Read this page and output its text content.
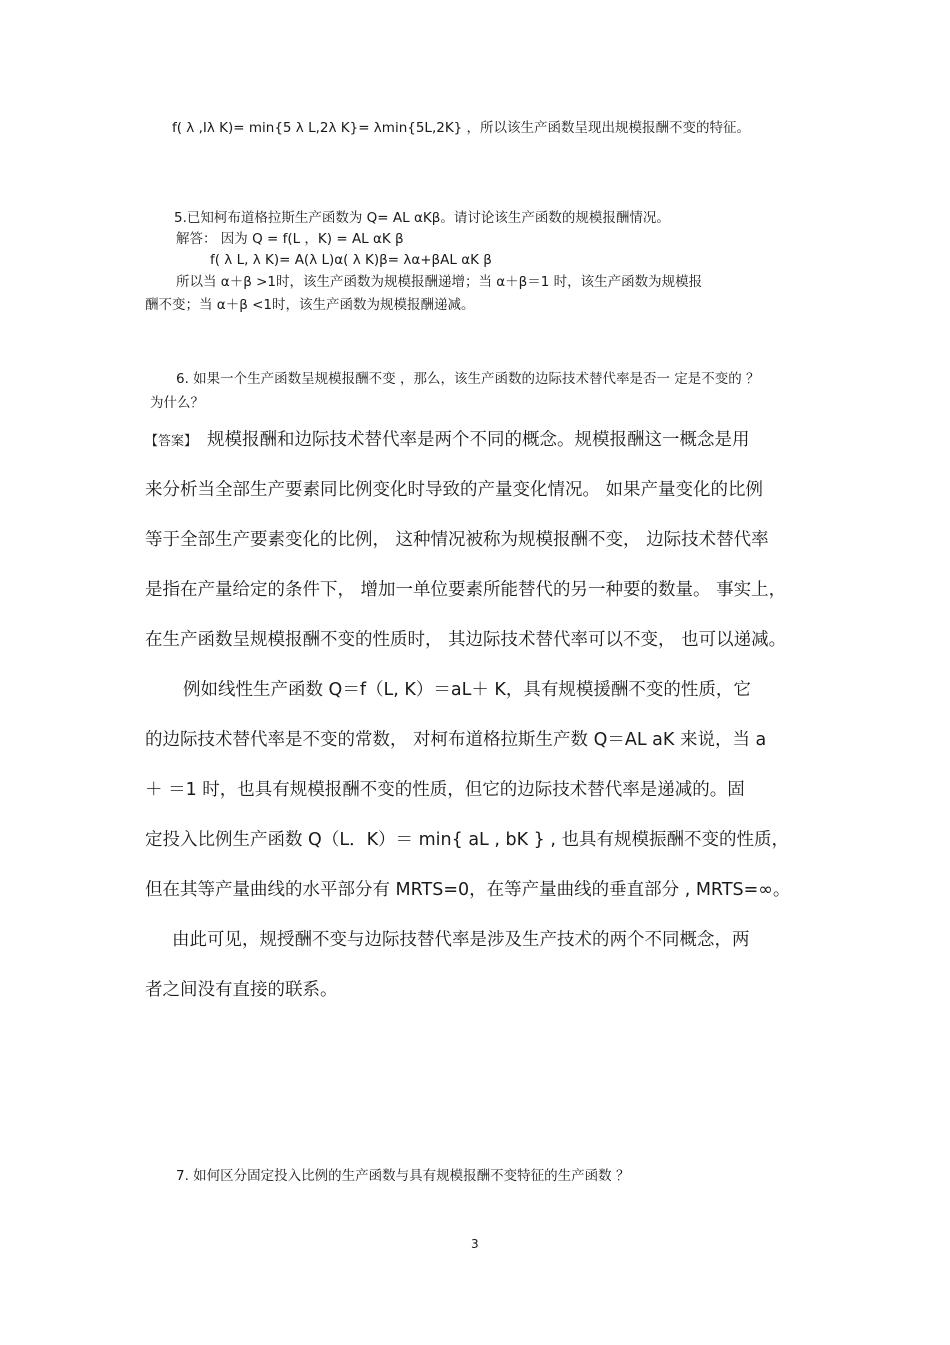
f( λ ,Iλ K)= min{5 λ L,2λ K}= λmin{5L,2K} ，所以该生产函数呈现出规模报酬不变的特征。
5.已知柯布道格拉斯生产函数为 Q= AL αKβ。请讨论该生产函数的规模报酬情况。
解答： 因为 Q = f(L ，K) = AL αK β
f( λ L, λ K)= A(λ L)α( λ K)β= λα+βAL αK β
所以当 α＋β >1时，该生产函数为规模报酬递增；当 α＋β＝1 时，该生产函数为规模报
酬不变；当 α＋β <1时，该生产函数为规模报酬递减。
6. 如果一个生产函数呈规模报酬不变 ，那么，该生产函数的边际技术替代率是否一 定是不变的 ？
为什么？
【答案】 规模报酬和边际技术替代率是两个不同的概念。规模报酬这一概念是用
来分析当全部生产要素同比例变化时导致的产量变化情况。 如果产量变化的比例
等于全部生产要素变化的比例， 这种情况被称为规模报酬不变， 边际技术替代率
是指在产量给定的条件下， 增加一单位要素所能替代的另一种要的数量。 事实上，
在生产函数呈规模报酬不变的性质时， 其边际技术替代率可以不变， 也可以递减。
例如线性生产函数 Q＝f（L, K）＝aL＋ K，具有规模援酬不变的性质，它
的边际技术替代率是不变的常数， 对柯布道格拉斯生产数 Q＝AL aK 来说，当 a
＋ ＝1 时，也具有规模报酬不变的性质，但它的边际技术替代率是递减的。固
定投入比例生产函数 Q（L．K）＝ min{ aL , bK } , 也具有规模振酬不变的性质，
但在其等产量曲线的水平部分有 MRTS=0，在等产量曲线的垂直部分 , MRTS=∞。
由此可见，规授酬不变与边际技替代率是涉及生产技术的两个不同概念，两
者之间没有直接的联系。
7. 如何区分固定投入比例的生产函数与具有规模报酬不变特征的生产函数 ？
3
